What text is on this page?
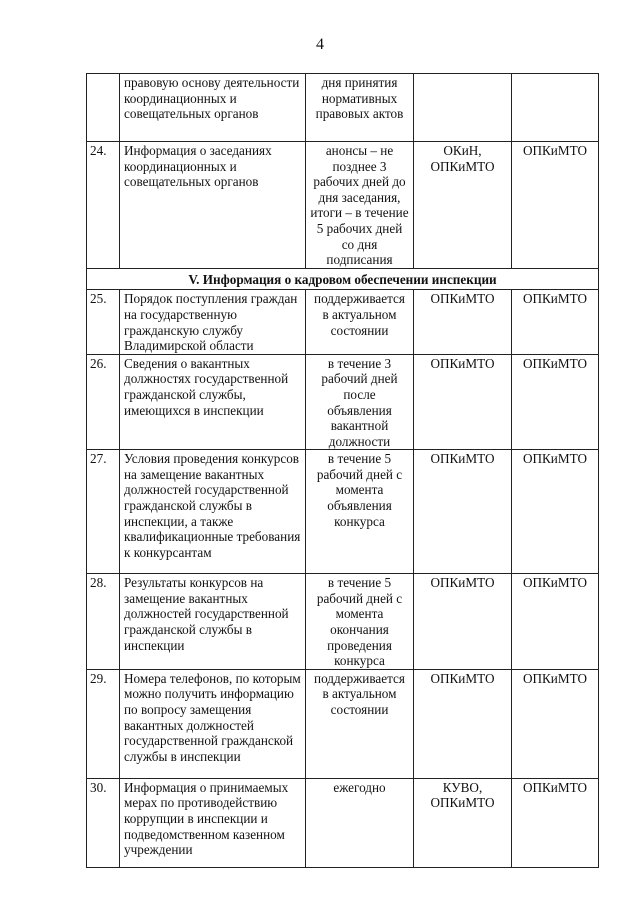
4
	правовую основу деятельности координационных и совещательных органов	дня принятия нормативных правовых актов		
24.	Информация о заседаниях координационных и совещательных органов	анонсы – не позднее 3 рабочих дней до дня заседания, итоги – в течение 5 рабочих дней со дня подписания	ОКиН, ОПКиМТО	ОПКиМТО
V. Информация о кадровом обеспечении инспекции				
25.	Порядок поступления граждан на государственную гражданскую службу Владимирской области	поддерживается в актуальном состоянии	ОПКиМТО	ОПКиМТО
26.	Сведения о вакантных должностях государственной гражданской службы, имеющихся в инспекции	в течение 3 рабочий дней после объявления вакантной должности	ОПКиМТО	ОПКиМТО
27.	Условия проведения конкурсов на замещение вакантных должностей государственной гражданской службы в инспекции, а также квалификационные требования к конкурсантам	в течение 5 рабочий дней с момента объявления конкурса	ОПКиМТО	ОПКиМТО
28.	Результаты конкурсов на замещение вакантных должностей государственной гражданской службы в инспекции	в течение 5 рабочий дней с момента окончания проведения конкурса	ОПКиМТО	ОПКиМТО
29.	Номера телефонов, по которым можно получить информацию по вопросу замещения вакантных должностей государственной гражданской службы в инспекции	поддерживается в актуальном состоянии	ОПКиМТО	ОПКиМТО
30.	Информация о принимаемых мерах по противодействию коррупции в инспекции и подведомственном казенном учреждении	ежегодно	КУВО, ОПКиМТО	ОПКиМТО
